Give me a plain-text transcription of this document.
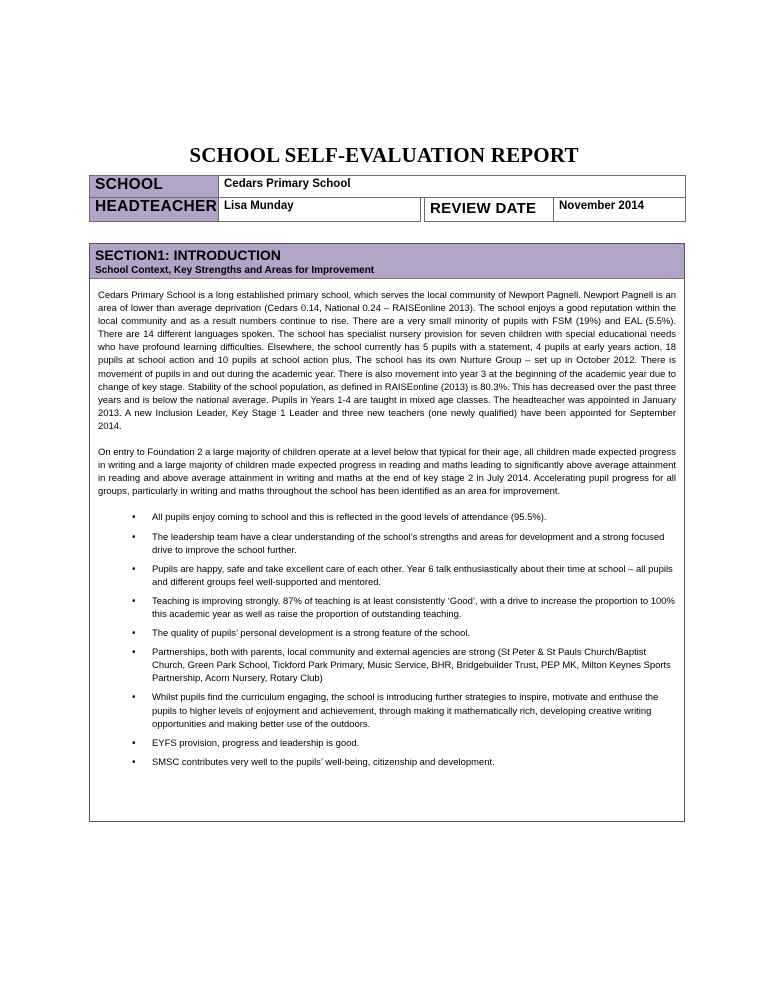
SCHOOL SELF-EVALUATION REPORT
SCHOOL	Cedars Primary School			
HEADTEACHER	Lisa Munday		REVIEW DATE	November 2014
SECTION1: INTRODUCTION
School Context, Key Strengths and Areas for Improvement

Cedars Primary School is a long established primary school, which serves the local community of Newport Pagnell. Newport Pagnell is an area of lower than average deprivation (Cedars 0.14, National 0.24 – RAISEonline 2013). The school enjoys a good reputation within the local community and as a result numbers continue to rise. There are a very small minority of pupils with FSM (19%) and EAL (5.5%). There are 14 different languages spoken. The school has specialist nursery provision for seven children with special educational needs who have profound learning difficulties. Elsewhere, the school currently has 5 pupils with a statement, 4 pupils at early years action, 18 pupils at school action and 10 pupils at school action plus. The school has its own Nurture Group – set up in October 2012. There is movement of pupils in and out during the academic year. There is also movement into year 3 at the beginning of the academic year due to change of key stage. Stability of the school population, as defined in RAISEonline (2013) is 80.3%. This has decreased over the past three years and is below the national average. Pupils in Years 1-4 are taught in mixed age classes. The headteacher was appointed in January 2013. A new Inclusion Leader, Key Stage 1 Leader and three new teachers (one newly qualified) have been appointed for September 2014.

On entry to Foundation 2 a large majority of children operate at a level below that typical for their age, all children made expected progress in writing and a large majority of children made expected progress in reading and maths leading to significantly above average attainment in reading and above average attainment in writing and maths at the end of key stage 2 in July 2014. Accelerating pupil progress for all groups, particularly in writing and maths throughout the school has been identified as an area for improvement.

• All pupils enjoy coming to school and this is reflected in the good levels of attendance (95.5%).
• The leadership team have a clear understanding of the school’s strengths and areas for development and a strong focused drive to improve the school further.
• Pupils are happy, safe and take excellent care of each other. Year 6 talk enthusiastically about their time at school – all pupils and different groups feel well-supported and mentored.
• Teaching is improving strongly. 87% of teaching is at least consistently ‘Good’, with a drive to increase the proportion to 100% this academic year as well as raise the proportion of outstanding teaching.
• The quality of pupils’ personal development is a strong feature of the school.
• Partnerships, both with parents, local community and external agencies are strong (St Peter & St Pauls Church/Baptist Church, Green Park School, Tickford Park Primary, Music Service, BHR, Bridgebuilder Trust, PEP MK, Milton Keynes Sports Partnership, Acorn Nursery, Rotary Club)
• Whilst pupils find the curriculum engaging, the school is introducing further strategies to inspire, motivate and enthuse the pupils to higher levels of enjoyment and achievement, through making it mathematically rich, developing creative writing opportunities and making better use of the outdoors.
• EYFS provision, progress and leadership is good.
• SMSC contributes very well to the pupils’ well-being, citizenship and development.
